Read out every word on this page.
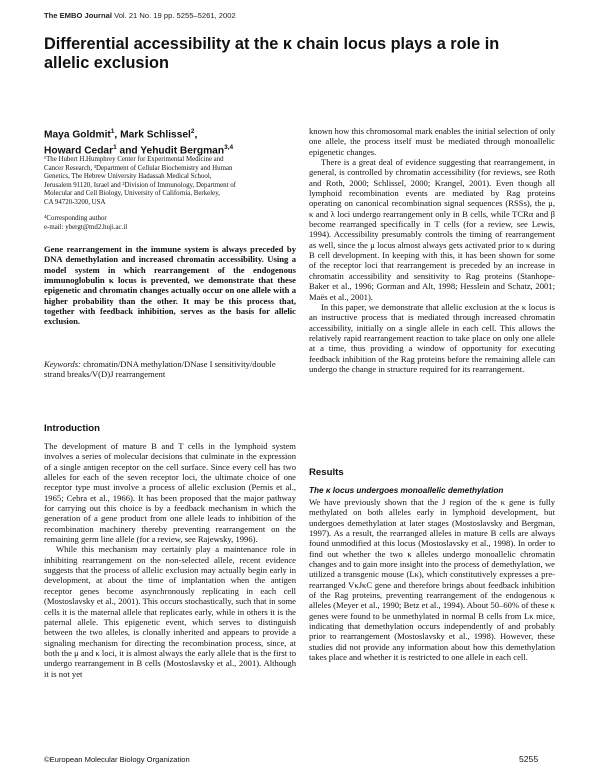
The EMBO Journal Vol. 21 No. 19 pp. 5255–5261, 2002
Differential accessibility at the κ chain locus plays a role in allelic exclusion
Maya Goldmit$^1$, Mark Schlissel$^2$,
Howard Cedar$^1$ and Yehudit Bergman$^{3,4}$

¹The Hubert H.Humphrey Center for Experimental Medicine and

Cancer Research, ³Department of Cellular Biochemistry and Human

Genetics, The Hebrew University Hadassah Medical School,

Jerusalem 91120, Israel and ²Division of Immunology, Department of

Molecular and Cell Biology, University of California, Berkeley,

CA 94720-3200, USA

⁴Corresponding author

e-mail: ybergt@md2.huji.ac.il

Gene rearrangement in the immune system is always preceded by DNA demethylation and increased chromatin accessibility. Using a model system in which rearrangement of the endogenous immunoglobulin κ locus is prevented, we demonstrate that these epigenetic and chromatin changes actually occur on one allele with a higher probability than the other. It may be this process that, together with feedback inhibition, serves as the basis for allelic exclusion.

Keywords: chromatin/DNA methylation/DNase I sensitivity/double strand breaks/V(D)J rearrangement

Introduction

The development of mature B and T cells in the lymphoid system involves a series of molecular decisions that culminate in the expression of a single antigen receptor on the cell surface. Since every cell has two alleles for each of the seven receptor loci, the ultimate choice of one receptor type must involve a process of allelic exclusion (Pernis et al., 1965; Cebra et al., 1966). It has been proposed that the major pathway for carrying out this choice is by a feedback mechanism in which the generation of a gene product from one allele leads to inhibition of the recombination machinery thereby preventing rearrangement on the remaining germ line allele (for a review, see Rajewsky, 1996).

While this mechanism may certainly play a maintenance role in inhibiting rearrangement on the non-selected allele, recent evidence suggests that the process of allelic exclusion may actually begin early in development, at about the time of implantation when the antigen receptor genes become asynchronously replicating in each cell (Mostoslavsky et al., 2001). This occurs stochastically, such that in some cells it is the maternal allele that replicates early, while in others it is the paternal allele. This epigenetic event, which serves to distinguish between the two alleles, is clonally inherited and appears to provide a signaling mechanism for directing the recombination process, since, at both the μ and κ loci, it is almost always the early allele that is the first to undergo rearrangement in B cells (Mostoslavsky et al., 2001). Although it is not yet

known how this chromosomal mark enables the initial selection of only one allele, the process itself must be mediated through monoallelic epigenetic changes.

There is a great deal of evidence suggesting that rearrangement, in general, is controlled by chromatin accessibility (for reviews, see Roth and Roth, 2000; Schlissel, 2000; Krangel, 2001). Even though all lymphoid recombination events are mediated by Rag proteins operating on canonical recombination signal sequences (RSSs), the μ, κ and λ loci undergo rearrangement only in B cells, while TCRα and β become rearranged specifically in T cells (for a review, see Lewis, 1994). Accessibility presumably controls the timing of rearrangement as well, since the μ locus almost always gets activated prior to κ during B cell development. In keeping with this, it has been shown for some of the receptor loci that rearrangement is preceded by an increase in chromatin accessibility and sensitivity to Rag proteins (Stanhope-Baker et al., 1996; Gorman and Alt, 1998; Hesslein and Schatz, 2001; Maës et al., 2001).

In this paper, we demonstrate that allelic exclusion at the κ locus is an instructive process that is mediated through increased chromatin accessibility, initially on a single allele in each cell. This allows the relatively rapid rearrangement reaction to take place on only one allele at a time, thus providing a window of opportunity for executing feedback inhibition of the Rag proteins before the remaining allele can undergo the change in structure required for its rearrangement.

Results
The κ locus undergoes monoallelic demethylation

We have previously shown that the J region of the κ gene is fully methylated on both alleles early in lymphoid development, but undergoes demethylation at later stages (Mostoslavsky and Bergman, 1997). As a result, the rearranged alleles in mature B cells are always found unmodified at this locus (Mostoslavsky et al., 1998). In order to find out whether the two κ alleles undergo monoallelic chromatin changes and to gain more insight into the process of demethylation, we utilized a transgenic mouse (Lκ), which constitutively expresses a pre-rearranged VκJκC gene and therefore brings about feedback inhibition of the Rag proteins, preventing rearrangement of the endogenous κ alleles (Meyer et al., 1990; Betz et al., 1994). About 50–60% of these κ genes were found to be unmethylated in normal B cells from Lκ mice, indicating that demethylation occurs independently of and probably prior to rearrangement (Mostoslavsky et al., 1998). However, these studies did not provide any information about how this demethylation takes place and whether it is restricted to one allele in each cell.

©European Molecular Biology Organization	5255
